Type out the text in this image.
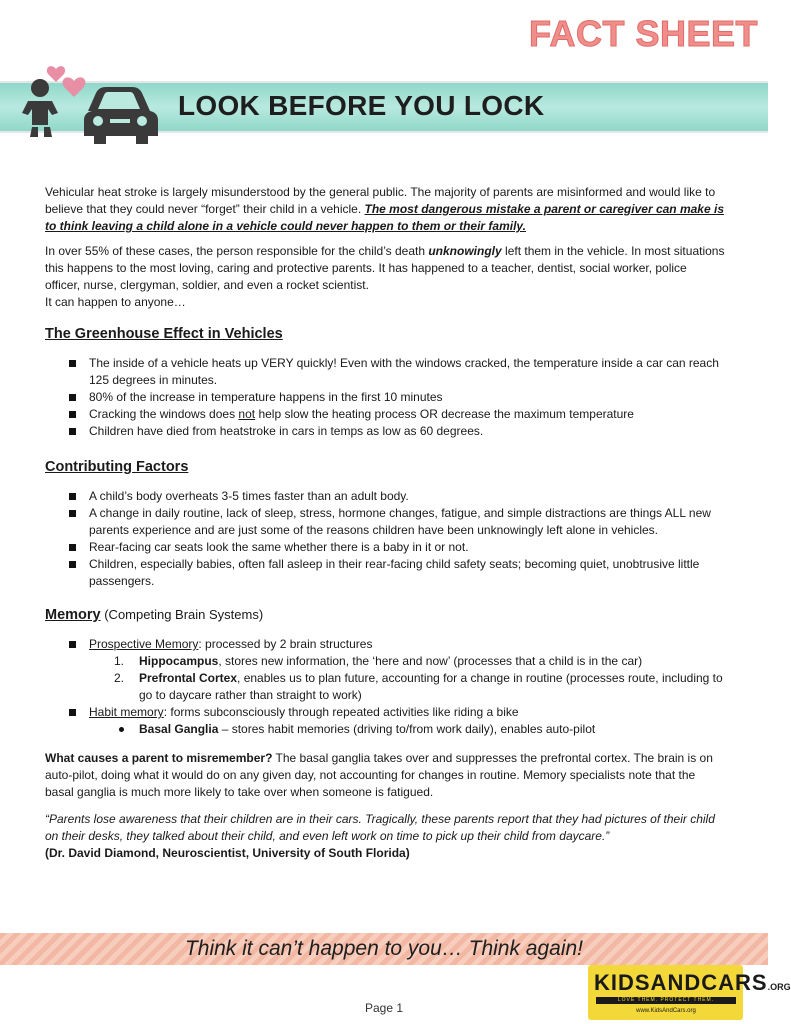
FACT SHEET
LOOK BEFORE YOU LOCK

Vehicular heat stroke is largely misunderstood by the general public. The majority of parents are misinformed and would like to believe that they could never “forget” their child in a vehicle. The most dangerous mistake a parent or caregiver can make is to think leaving a child alone in a vehicle could never happen to them or their family.

In over 55% of these cases, the person responsible for the child’s death unknowingly left them in the vehicle. In most situations this happens to the most loving, caring and protective parents. It has happened to a teacher, dentist, social worker, police officer, nurse, clergyman, soldier, and even a rocket scientist.
It can happen to anyone…

The Greenhouse Effect in Vehicles
The inside of a vehicle heats up VERY quickly! Even with the windows cracked, the temperature inside a car can reach 125 degrees in minutes.
80% of the increase in temperature happens in the first 10 minutes
Cracking the windows does not help slow the heating process OR decrease the maximum temperature
Children have died from heatstroke in cars in temps as low as 60 degrees.
Contributing Factors
A child’s body overheats 3-5 times faster than an adult body.
A change in daily routine, lack of sleep, stress, hormone changes, fatigue, and simple distractions are things ALL new parents experience and are just some of the reasons children have been unknowingly left alone in vehicles.
Rear-facing car seats look the same whether there is a baby in it or not.
Children, especially babies, often fall asleep in their rear-facing child safety seats; becoming quiet, unobtrusive little passengers.
Memory (Competing Brain Systems)
Prospective Memory: processed by 2 brain structures
1. Hippocampus, stores new information, the ‘here and now’ (processes that a child is in the car)
2. Prefrontal Cortex, enables us to plan future, accounting for a change in routine (processes route, including to go to daycare rather than straight to work)
Habit memory: forms subconsciously through repeated activities like riding a bike
Basal Ganglia – stores habit memories (driving to/from work daily), enables auto-pilot

What causes a parent to misremember? The basal ganglia takes over and suppresses the prefrontal cortex. The brain is on auto-pilot, doing what it would do on any given day, not accounting for changes in routine. Memory specialists note that the basal ganglia is much more likely to take over when someone is fatigued.

“Parents lose awareness that their children are in their cars. Tragically, these parents report that they had pictures of their child on their desks, they talked about their child, and even left work on time to pick up their child from daycare.”

(Dr. David Diamond, Neuroscientist, University of South Florida)

Think it can’t happen to you… Think again!
Page 1
KIDSANDCARS.ORG
LOVE THEM. PROTECT THEM.
www.KidsAndCars.org
